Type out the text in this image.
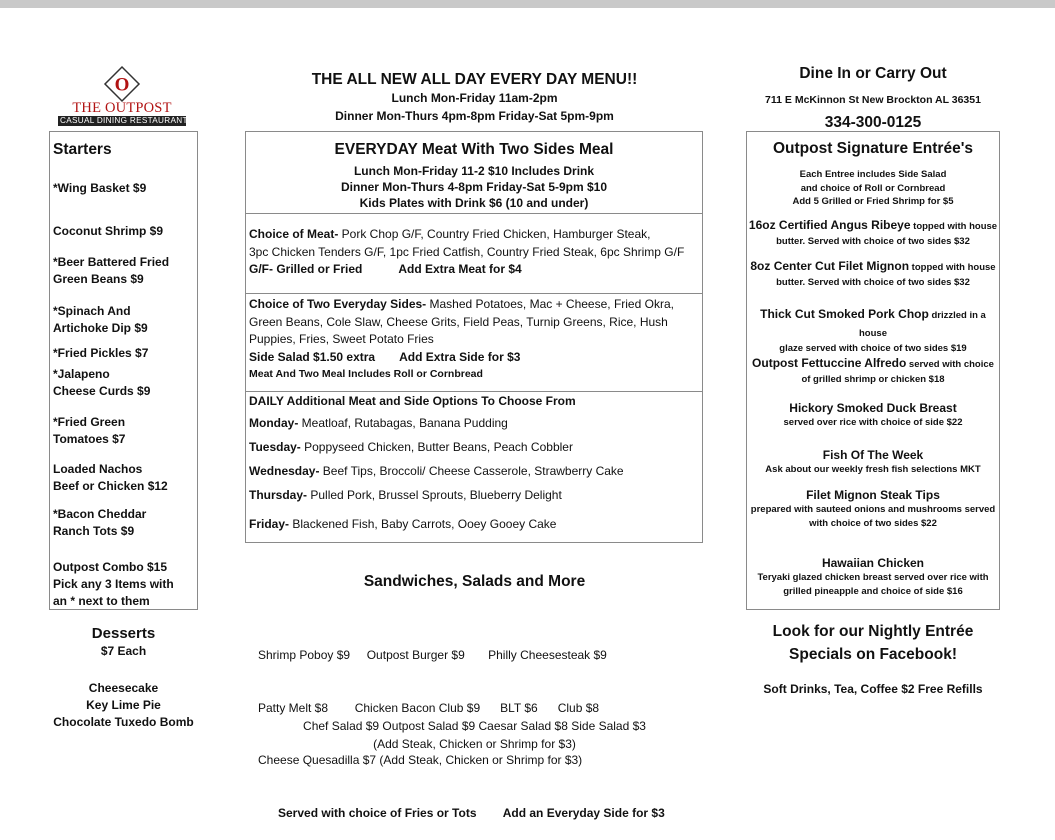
O
THE OUTPOST
CASUAL DINING RESTAURANT
Starters
*Wing Basket $9
Coconut Shrimp $9
*Beer Battered Fried
Green Beans $9
*Spinach And
Artichoke Dip $9
*Fried Pickles $7
*Jalapeno
Cheese Curds $9
*Fried Green
Tomatoes $7
Loaded Nachos
Beef or Chicken $12
*Bacon Cheddar
Ranch Tots $9
Outpost Combo $15
Pick any 3 Items with
an * next to them
Desserts
$7 Each
Cheesecake
Key Lime Pie
Chocolate Tuxedo Bomb
THE ALL NEW ALL DAY EVERY DAY MENU!!
Lunch Mon-Friday 11am-2pm
Dinner Mon-Thurs 4pm-8pm Friday-Sat 5pm-9pm
EVERYDAY Meat With Two Sides Meal
Lunch Mon-Friday 11-2 $10 Includes Drink
Dinner Mon-Thurs 4-8pm Friday-Sat 5-9pm $10
Kids Plates with Drink $6 (10 and under)
Choice of Meat- Pork Chop G/F, Country Fried Chicken, Hamburger Steak,
3pc Chicken Tenders G/F, 1pc Fried Catfish, Country Fried Steak, 6pc Shrimp G/F
G/F- Grilled or Fried	Add Extra Meat for $4
Choice of Two Everyday Sides- Mashed Potatoes, Mac + Cheese, Fried Okra,
Green Beans, Cole Slaw, Cheese Grits, Field Peas, Turnip Greens, Rice, Hush
Puppies, Fries, Sweet Potato Fries
Side Salad $1.50 extra Add Extra Side for $3
Meat And Two Meal Includes Roll or Cornbread
DAILY Additional Meat and Side Options To Choose From
Monday- Meatloaf, Rutabagas, Banana Pudding
Tuesday- Poppyseed Chicken, Butter Beans, Peach Cobbler
Wednesday- Beef Tips, Broccoli/ Cheese Casserole, Strawberry Cake
Thursday- Pulled Pork, Brussel Sprouts, Blueberry Delight
Friday- Blackened Fish, Baby Carrots, Ooey Gooey Cake
Sandwiches, Salads and More

Shrimp Poboy $9     Outpost Burger $9       Philly Cheesesteak $9

Patty Melt $8        Chicken Bacon Club $9      BLT $6      Club $8

Cheese Quesadilla $7 (Add Steak, Chicken or Shrimp for $3)

Served with choice of Fries or Tots        Add an Everyday Side for $3

Chef Salad $9 Outpost Salad $9 Caesar Salad $8 Side Salad $3
(Add Steak, Chicken or Shrimp for $3)
Dine In or Carry Out
711 E McKinnon St New Brockton AL 36351
334-300-0125
Outpost Signature Entrée's
Each Entree includes Side Salad
and choice of Roll or Cornbread
Add 5 Grilled or Fried Shrimp for $5
16oz Certified Angus Ribeye topped with house
butter. Served with choice of two sides $32
8oz Center Cut Filet Mignon topped with house
butter. Served with choice of two sides $32
Thick Cut Smoked Pork Chop drizzled in a house
glaze served with choice of two sides $19
Outpost Fettuccine Alfredo served with choice
of grilled shrimp or chicken $18
Hickory Smoked Duck Breast
served over rice with choice of side $22
Fish Of The Week
Ask about our weekly fresh fish selections MKT
Filet Mignon Steak Tips
prepared with sauteed onions and mushrooms served
with choice of two sides $22
Hawaiian Chicken
Teryaki glazed chicken breast served over rice with
grilled pineapple and choice of side $16
Look for our Nightly Entrée
Specials on Facebook!
Soft Drinks, Tea, Coffee $2 Free Refills
